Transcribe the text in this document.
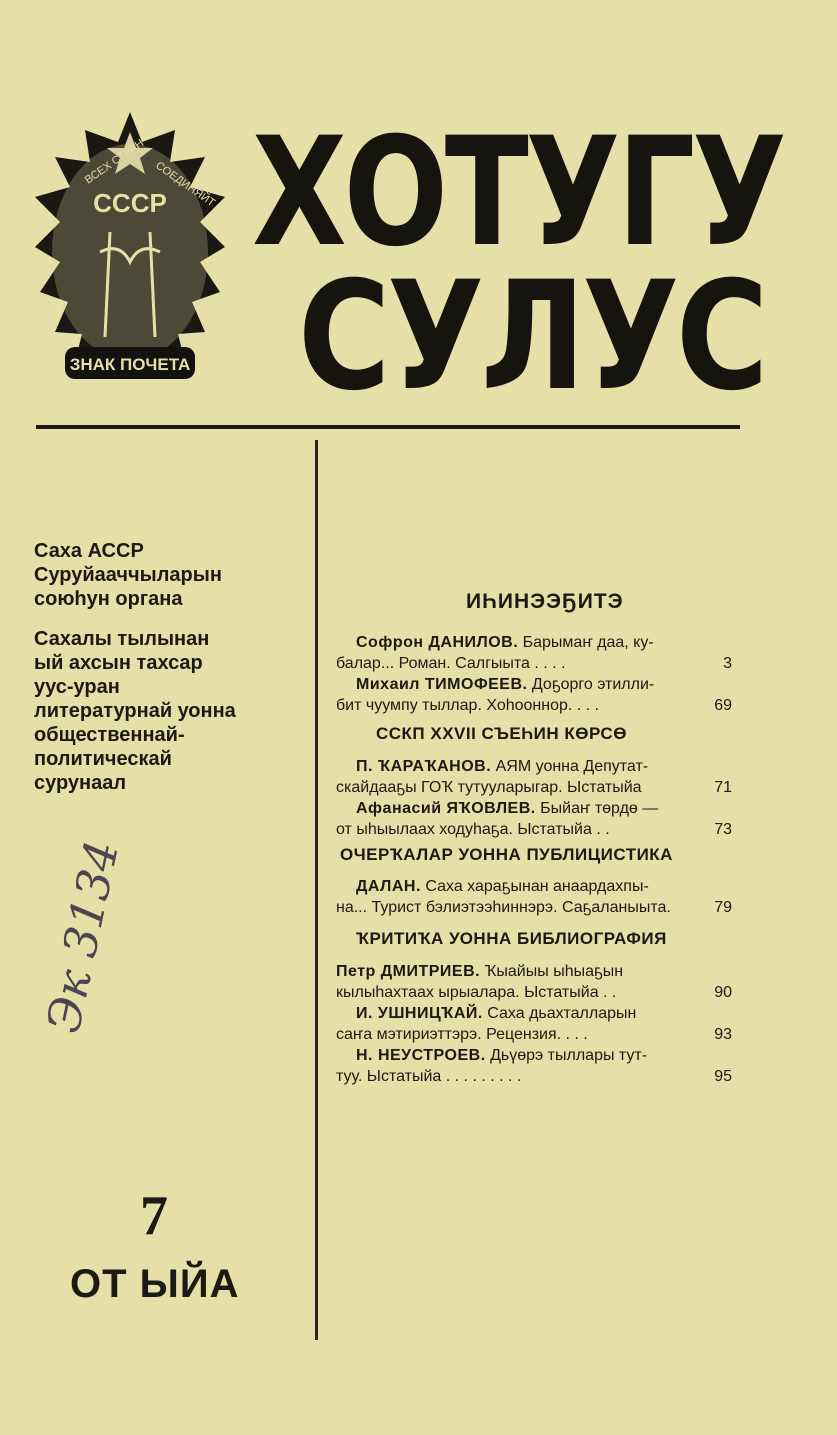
ЗНАК ПОЧЕТА
СССР
ВСЕХ СТРАН СОЕДИНЯЙТ ХОТУГУ
СУЛУС
Саха АССР
Суруйааччыларын
союһун органа
Сахалы тылынан
ый ахсын тахсар
уус-уран
литературнай уонна
общественнай-
политическай
сурунаал
Эк 3134
7
ОТ ЫЙА
ИҺИНЭЭҔИТЭ
Софрон ДАНИЛОВ. Барымаҥ даа, ку-
балар... Роман. Салгыыта . . . .	3
Михаил ТИМОФЕЕВ. Доҕорго этилли-
бит чуумпу тыллар. Хоһооннор. . . .	69
ССКП XXVII СЪЕҺИН КӨРСӨ
П. ҠАРАҠАНОВ. АЯМ уонна Депутат-
скайдааҕы ГОҠ тутууларыгар. Ыстатыйа	71
Афанасий ЯҠОВЛЕВ. Быйаҥ төрдө —
от ыһыылаах ходуһаҕа. Ыстатыйа . .	73
ОЧЕРҠАЛАР УОННА ПУБЛИЦИСТИКА
ДАЛАН. Саха хараҕынан анаардахпы-
на... Турист бэлиэтээһиннэрэ. Саҕаланыыта.	79
ҠРИТИҠА УОННА БИБЛИОГРАФИЯ
Петр ДМИТРИЕВ. Ҡыайыы ыһыаҕын
кылыһахтаах ырыалара. Ыстатыйа . .	90
И. УШНИЦҠАЙ. Саха дьахталларын
саҥа мэтириэттэрэ. Рецензия. . . .	93
Н. НЕУСТРОЕВ. Дьүөрэ тыллары тут-
туу. Ыстатыйа . . . . . . . . .	95
